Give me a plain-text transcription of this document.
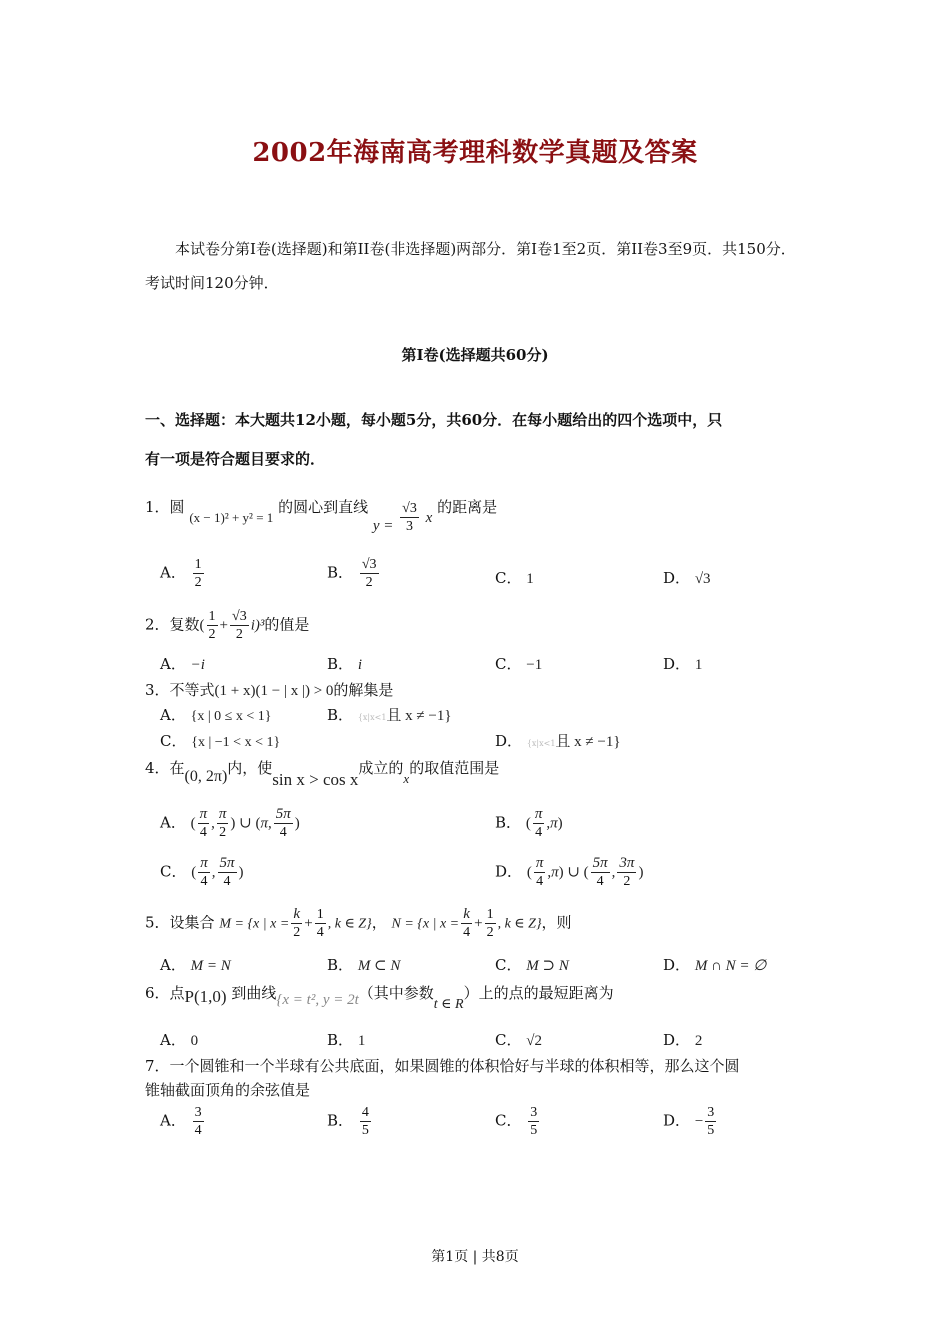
2002年海南高考理科数学真题及答案
本试卷分第Ⅰ卷(选择题)和第II卷(非选择题)两部分．第Ⅰ卷1至2页．第II卷3至9页．共150分．考试时间120分钟．
第Ⅰ卷(选择题共60分)
一、选择题：本大题共12小题，每小题5分，共60分．在每小题给出的四个选项中，只
有一项是符合题目要求的．
1．圆 (x − 1)² + y² = 1 的圆心到直线 $y = \frac{√3}{3}$ x 的距离是
A． $\frac{1}{2}$	B． $\frac{√3}{2}$	C． 1	D． √3
2．复数( $\frac{1}{2} + \frac{√3}{2} i)^3$的值是
A． −i	B． i	C． −1	D． 1
3．不等式(1 + x)(1 − | x |) > 0的解集是
A． {x | 0 ≤ x < 1}	B． {x|x<1且 x ≠ −1}
C． {x | −1 < x < 1}	D． {x|x<1且 x ≠ −1}
4．在(0, 2π)内，使sin x > cos x成立的x的取值范围是
A． ( $\frac{\pi}{4}$ , $\frac{\pi}{2}$ ) ∪ (π, $\frac{5\pi}{4}$ )	B． ( $\frac{\pi}{4} ,\pi$)
C． ( $\frac{\pi}{4}$ , $\frac{5\pi}{4}$ )	D． ( $\frac{\pi}{4} ,\pi$) ∪ ( $\frac{5\pi}{4}$ , $\frac{3\pi}{2}$ )
5．设集合 M = {x | $x = \frac{k}{2} + \frac{1}{4}$ , k ∈ Z}， N = {x | $x = \frac{k}{4} + \frac{1}{2}$ , k ∈ Z}，则
A． M = N	B． M ⊂ N	C． M ⊃ N	D． M ∩ N = ∅
6．点P(1,0) 到曲线{x = t², y = 2t（其中参数t ∈ R）上的点的最短距离为
A． 0	B． 1	C． √2	D． 2
7．一个圆锥和一个半球有公共底面，如果圆锥的体积恰好与半球的体积相等，那么这个圆
锥轴截面顶角的余弦值是
A． $\frac{3}{4}$	B． $\frac{4}{5}$	C． $\frac{3}{5}$	D． − $\frac{3}{5}$
第1页 | 共8页
